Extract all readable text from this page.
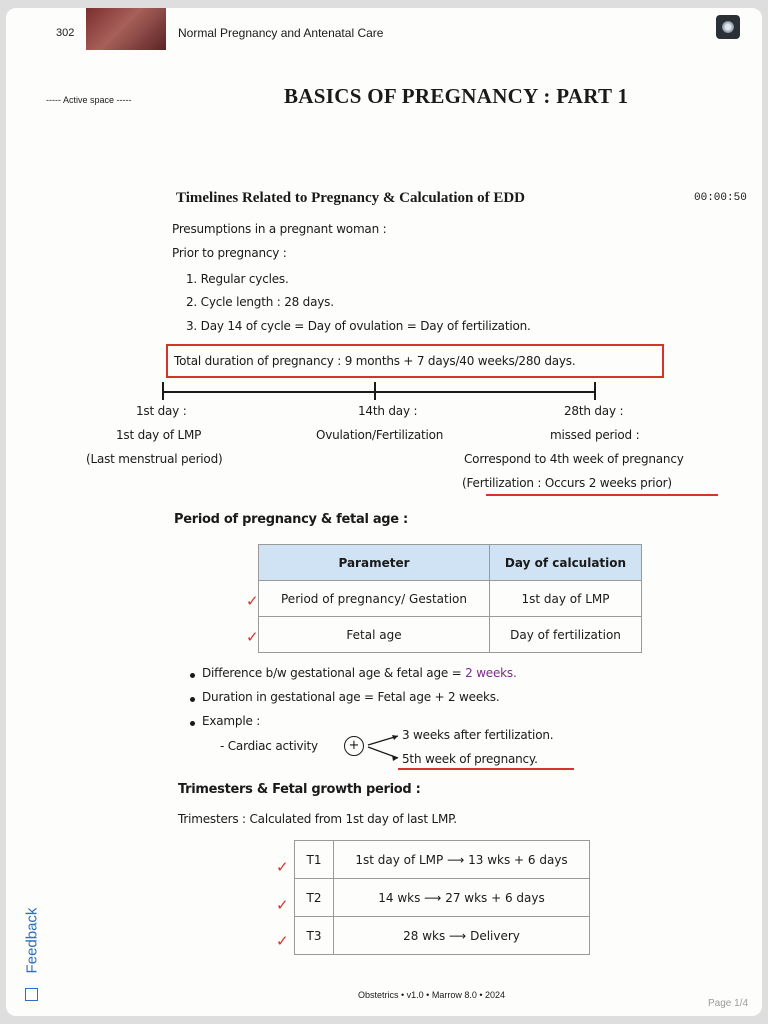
302	Normal Pregnancy and Antenatal Care
----- Active space -----	BASICS OF PREGNANCY : PART 1
Timelines Related to Pregnancy & Calculation of EDD	00:00:50
Presumptions in a pregnant woman :
Prior to pregnancy :
1. Regular cycles.
2. Cycle length : 28 days.
3. Day 14 of cycle = Day of ovulation = Day of fertilization.
Total duration of pregnancy : 9 months + 7 days/40 weeks/280 days.
1st day :
1st day of LMP
(Last menstrual period)
14th day :
Ovulation/Fertilization
28th day :
missed period :
Correspond to 4th week of pregnancy
(Fertilization : Occurs 2 weeks prior)
Period of pregnancy & fetal age :
Parameter	Day of calculation
Period of pregnancy/ Gestation	1st day of LMP
Fetal age	Day of fertilization
✓
✓
Difference b/w gestational age & fetal age = 2 weeks.
Duration in gestational age = Fetal age + 2 weeks.
Example :
- Cardiac activity	+
3 weeks after fertilization.
5th week of pregnancy.
Trimesters & Fetal growth period :
Trimesters : Calculated from 1st day of last LMP.
T1	1st day of LMP ⟶ 13 wks + 6 days
T2	14 wks ⟶ 27 wks + 6 days
T3	28 wks ⟶ Delivery
✓
✓
✓
Feedback
Obstetrics • v1.0 • Marrow 8.0 • 2024
Page 1/4
